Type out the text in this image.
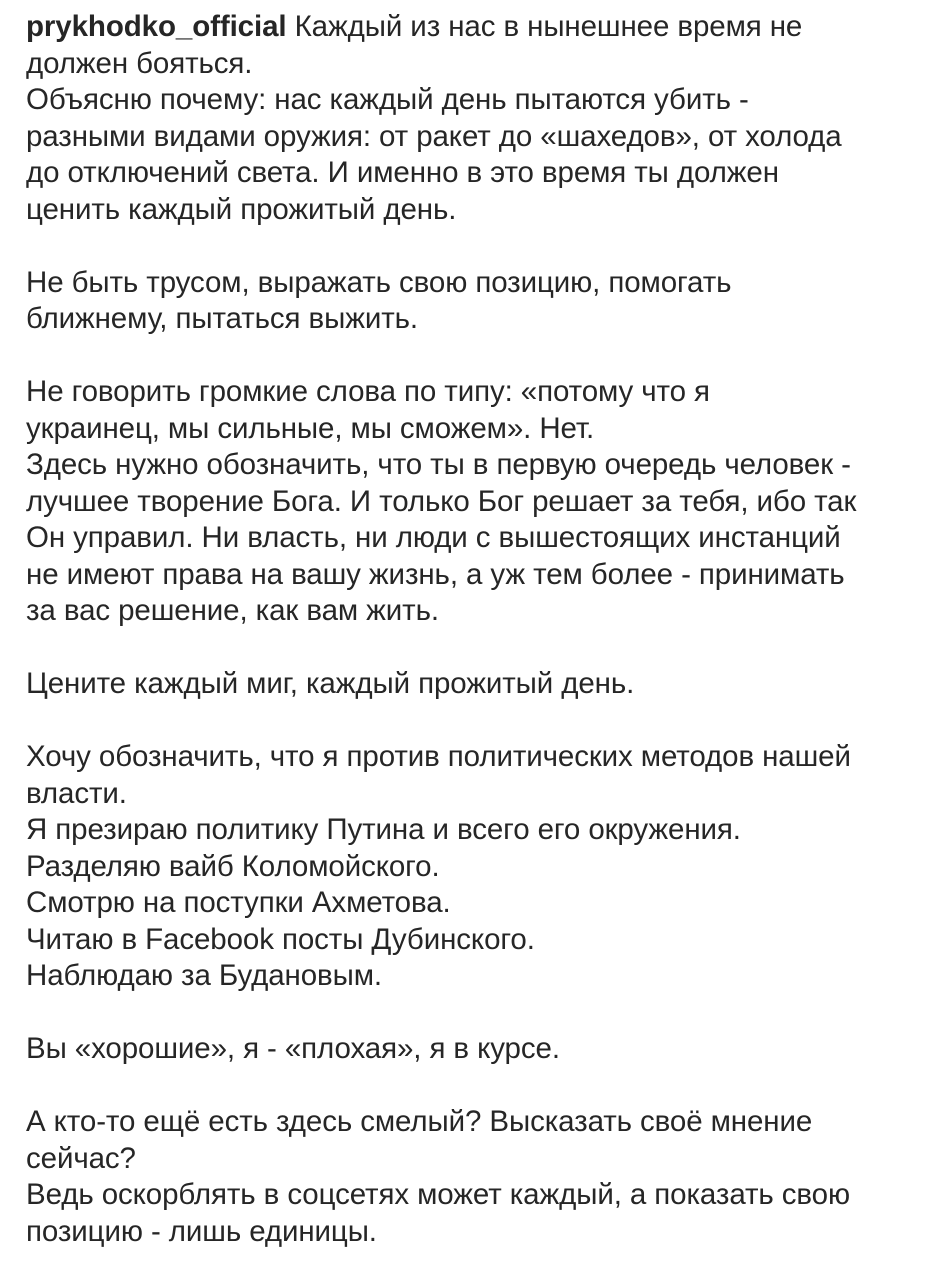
prykhodko_official Каждый из нас в нынешнее время не
должен бояться.

Объясню почему: нас каждый день пытаются убить -
разными видами оружия: от ракет до «шахедов», от холода
до отключений света. И именно в это время ты должен
ценить каждый прожитый день.

Не быть трусом, выражать свою позицию, помогать
ближнему, пытаться выжить.

Не говорить громкие слова по типу: «потому что я
украинец, мы сильные, мы сможем». Нет.

Здесь нужно обозначить, что ты в первую очередь человек -
лучшее творение Бога. И только Бог решает за тебя, ибо так
Он управил. Ни власть, ни люди с вышестоящих инстанций
не имеют права на вашу жизнь, а уж тем более - принимать
за вас решение, как вам жить.

Цените каждый миг, каждый прожитый день.

Хочу обозначить, что я против политических методов нашей
власти.

Я презираю политику Путина и всего его окружения.

Разделяю вайб Коломойского.

Смотрю на поступки Ахметова.

Читаю в Facebook посты Дубинского.

Наблюдаю за Будановым.

Вы «хорошие», я - «плохая», я в курсе.

А кто-то ещё есть здесь смелый? Высказать своё мнение
сейчас?

Ведь оскорблять в соцсетях может каждый, а показать свою
позицию - лишь единицы.
